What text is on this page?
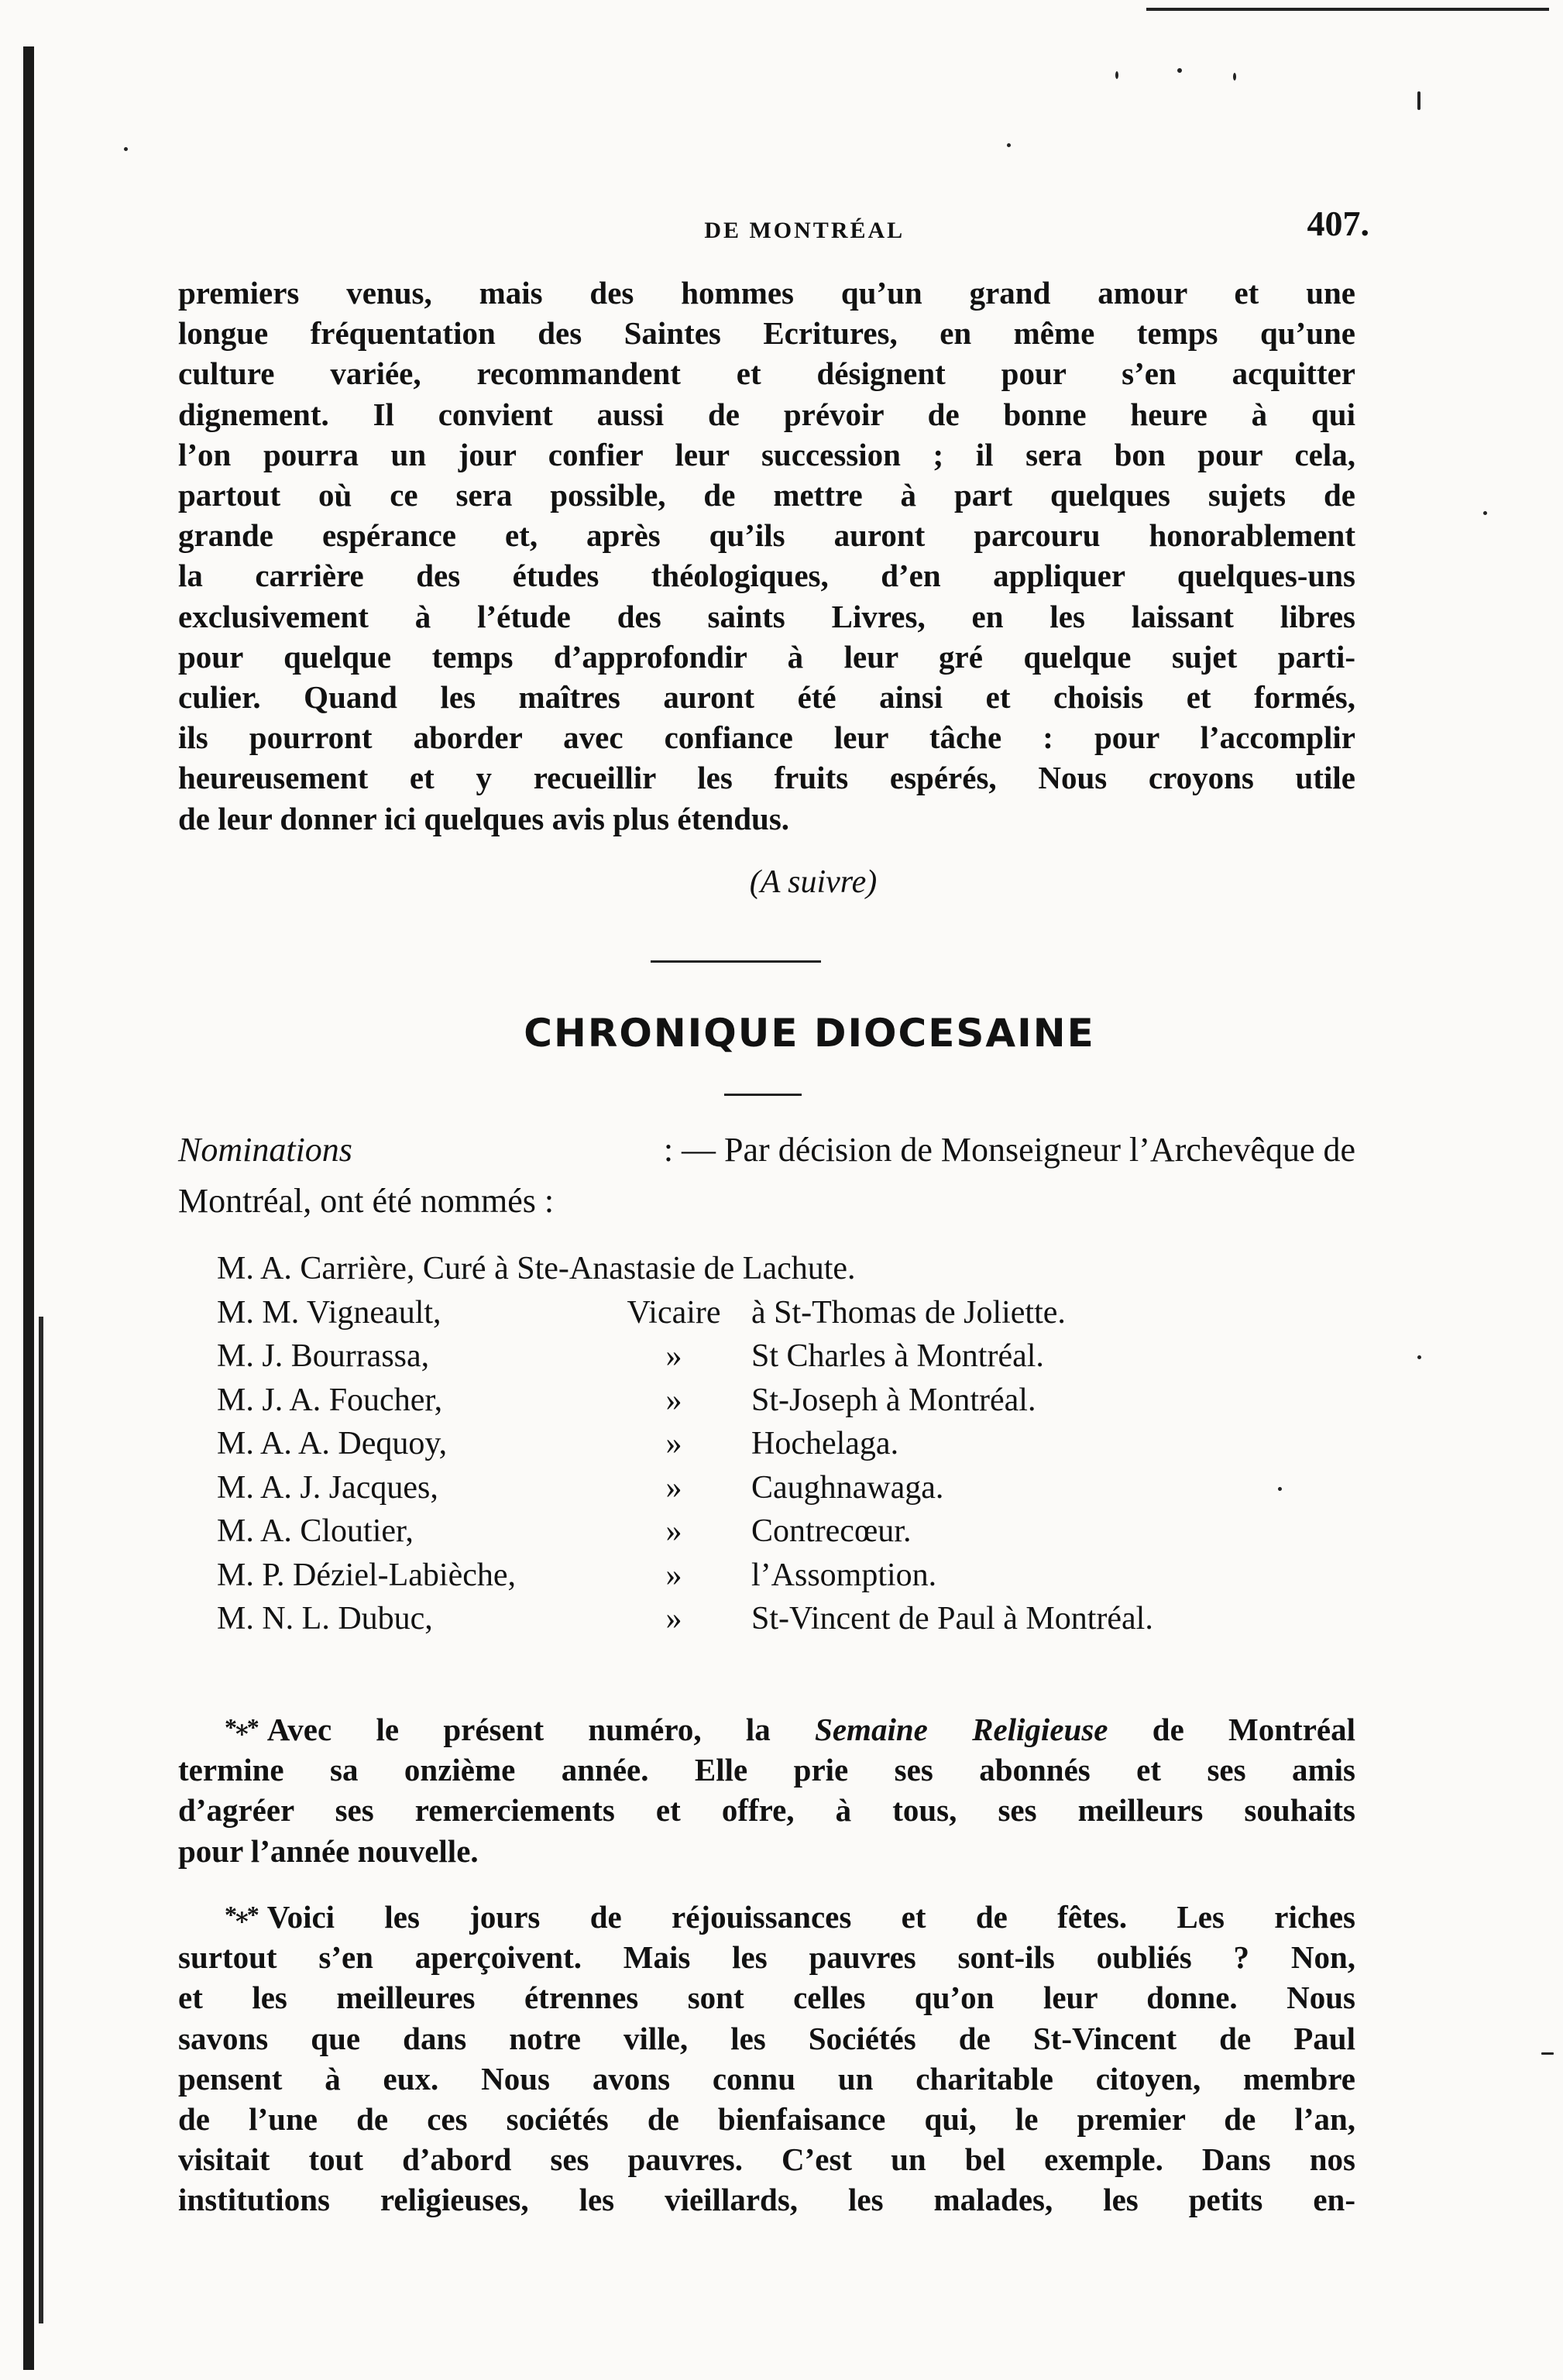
DE MONTRÉAL	407.
premiers venus, mais des hommes qu’un grand amour et une
longue fréquentation des Saintes Ecritures, en même temps qu’une
culture variée, recommandent et désignent pour s’en acquitter
dignement. Il convient aussi de prévoir de bonne heure à qui
l’on pourra un jour confier leur succession ; il sera bon pour cela,
partout où ce sera possible, de mettre à part quelques sujets de
grande espérance et, après qu’ils auront parcouru honorablement
la carrière des études théologiques, d’en appliquer quelques-uns
exclusivement à l’étude des saints Livres, en les laissant libres
pour quelque temps d’approfondir à leur gré quelque sujet parti-
culier. Quand les maîtres auront été ainsi et choisis et formés,
ils pourront aborder avec confiance leur tâche : pour l’accomplir
heureusement et y recueillir les fruits espérés, Nous croyons utile
de leur donner ici quelques avis plus étendus.
(A suivre)
CHRONIQUE DIOCESAINE
Nominations	: — Par décision de Monseigneur l’Archevêque de
Montréal, ont été nommés :
M. A. Carrière, Curé à Ste-Anastasie de Lachute.
M. M. Vigneault,	Vicaire à St-Thomas de Joliette.
M. J. Bourrassa,	»	St Charles à Montréal.
M. J. A. Foucher,	»	St-Joseph à Montréal.
M. A. A. Dequoy,	»	Hochelaga.
M. A. J. Jacques,	»	Caughnawaga.
M. A. Cloutier,	»	Contrecœur.
M. P. Déziel-Labièche,	»	l’Assomption.
M. N. L. Dubuc,	»	St-Vincent de Paul à Montréal.
*⁎* Avec le présent numéro, la Semaine Religieuse de Montréal
termine sa onzième année. Elle prie ses abonnés et ses amis
d’agréer ses remerciements et offre, à tous, ses meilleurs souhaits
pour l’année nouvelle.
*⁎* Voici les jours de réjouissances et de fêtes. Les riches
surtout s’en aperçoivent. Mais les pauvres sont-ils oubliés ? Non,
et les meilleures étrennes sont celles qu’on leur donne. Nous
savons que dans notre ville, les Sociétés de St-Vincent de Paul
pensent à eux. Nous avons connu un charitable citoyen, membre
de l’une de ces sociétés de bienfaisance qui, le premier de l’an,
visitait tout d’abord ses pauvres. C’est un bel exemple. Dans nos
institutions religieuses, les vieillards, les malades, les petits en-
